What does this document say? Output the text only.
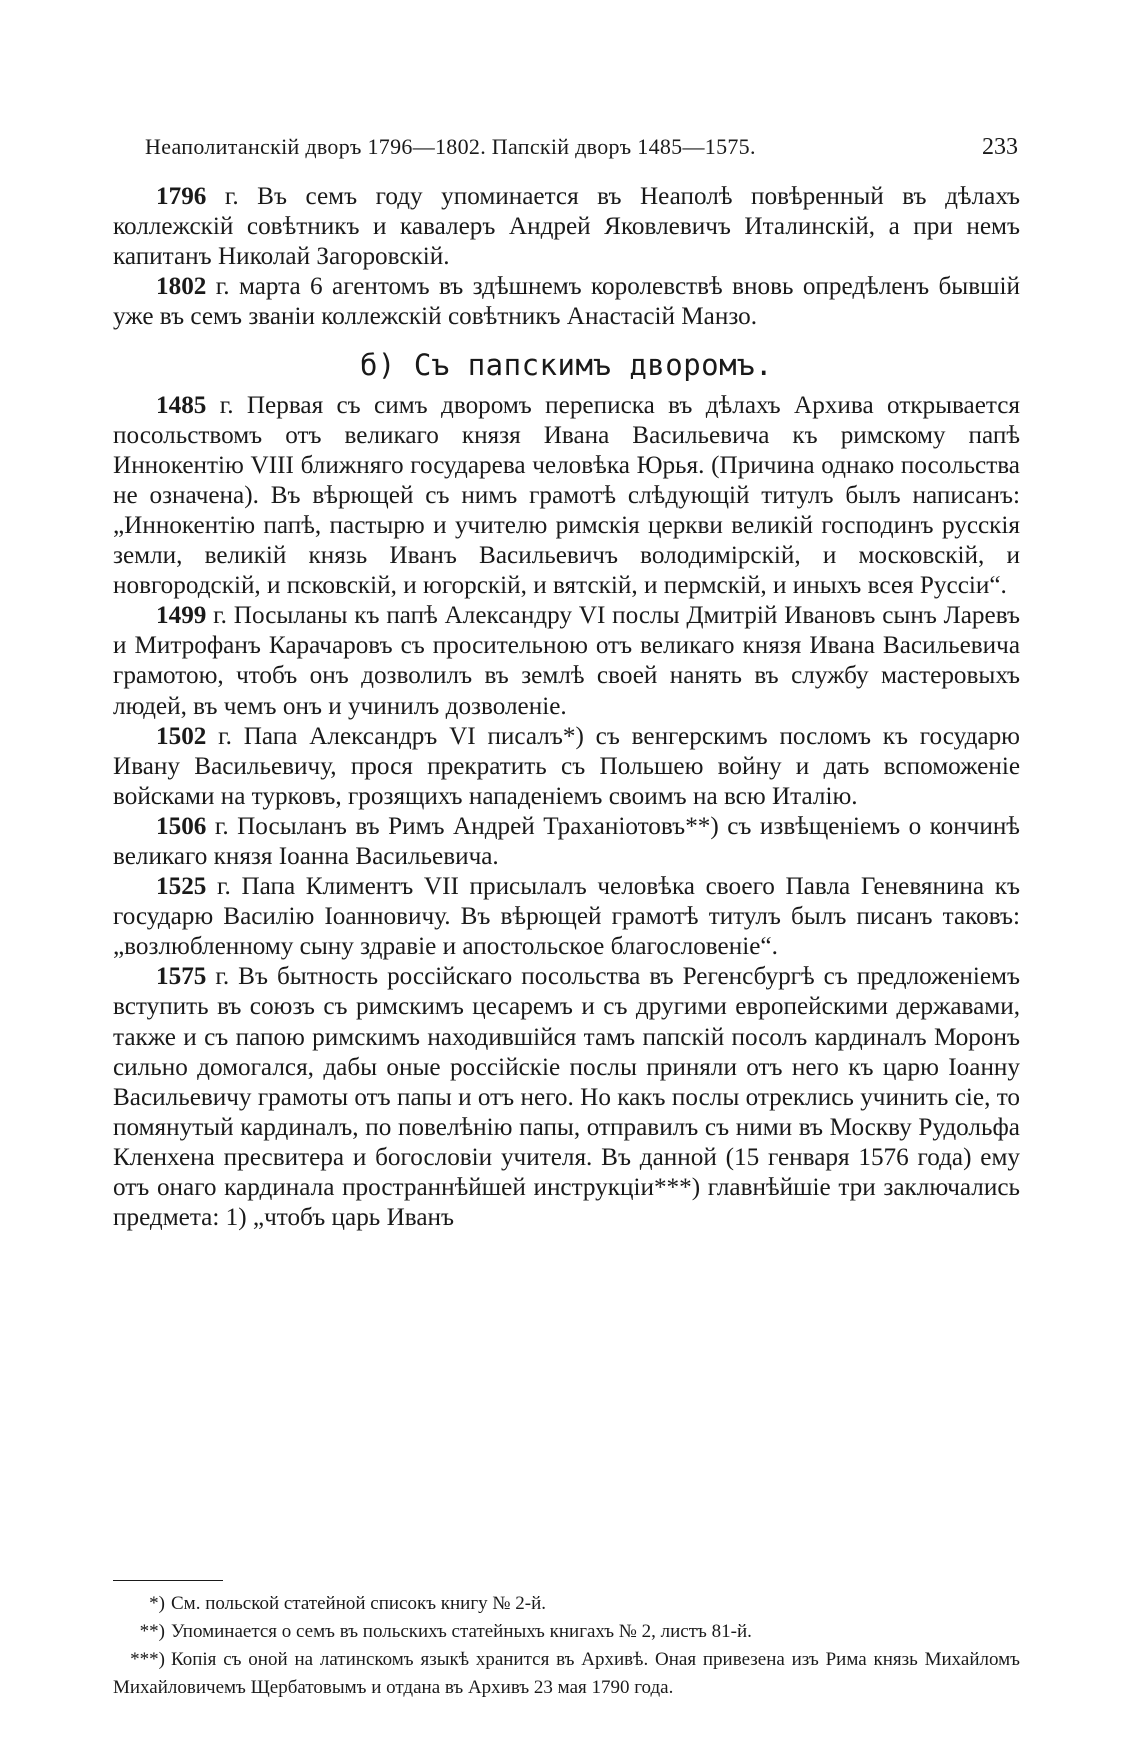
Неаполитанскій дворъ 1796—1802. Папскій дворъ 1485—1575.	233

1796 г. Въ семъ году упоминается въ Неаполѣ повѣренный въ дѣлахъ коллежскій совѣтникъ и кавалеръ Андрей Яковлевичъ Италинскій, а при немъ капитанъ Николай Загоровскій.

1802 г. марта 6 агентомъ въ здѣшнемъ королевствѣ вновь опредѣленъ бывшій уже въ семъ званіи коллежскій совѣтникъ Анастасій Манзо.

б) Съ папскимъ дворомъ.

1485 г. Первая съ симъ дворомъ переписка въ дѣлахъ Архива открывается посольствомъ отъ великаго князя Ивана Васильевича къ римскому папѣ Иннокентію VIII ближняго государева человѣка Юрья. (Причина однако посольства не означена). Въ вѣрющей съ нимъ грамотѣ слѣдующій титулъ былъ написанъ: „Иннокентію папѣ, пастырю и учителю римскія церкви великій господинъ русскія земли, великій князь Иванъ Васильевичъ володимірскій, и московскій, и новгородскій, и псковскій, и югорскій, и вятскій, и пермскій, и иныхъ всея Руссіи“.

1499 г. Посыланы къ папѣ Александру VI послы Дмитрій Ивановъ сынъ Ларевъ и Митрофанъ Карачаровъ съ просительною отъ великаго князя Ивана Васильевича грамотою, чтобъ онъ дозволилъ въ землѣ своей нанять въ службу мастеровыхъ людей, въ чемъ онъ и учинилъ дозволеніе.

1502 г. Папа Александръ VI писалъ*) съ венгерскимъ посломъ къ государю Ивану Васильевичу, прося прекратить съ Польшею войну и дать вспоможеніе войсками на турковъ, грозящихъ нападеніемъ своимъ на всю Италію.

1506 г. Посыланъ въ Римъ Андрей Траханіотовъ**) съ извѣщеніемъ о кончинѣ великаго князя Іоанна Васильевича.

1525 г. Папа Климентъ VII присылалъ человѣка своего Павла Геневянина къ государю Василію Іоанновичу. Въ вѣрющей грамотѣ титулъ былъ писанъ таковъ: „возлюбленному сыну здравіе и апостольское благословеніе“.

1575 г. Въ бытность россійскаго посольства въ Регенсбургѣ съ предложеніемъ вступить въ союзъ съ римскимъ цесаремъ и съ другими европейскими державами, также и съ папою римскимъ находившійся тамъ папскій посолъ кардиналъ Моронъ сильно домогался, дабы оные россійскіе послы приняли отъ него къ царю Іоанну Васильевичу грамоты отъ папы и отъ него. Но какъ послы отреклись учинить сіе, то помянутый кардиналъ, по повелѣнію папы, отправилъ съ ними въ Москву Рудольфа Кленхена пресвитера и богословіи учителя. Въ данной (15 генваря 1576 года) ему отъ онаго кардинала пространнѣйшей инструкціи***) главнѣйшіе три заключались предмета: 1) „чтобъ царь Иванъ

*) См. польской статейной списокъ книгу № 2-й.

**) Упоминается о семъ въ польскихъ статейныхъ книгахъ № 2, листъ 81-й.

***) Копія съ оной на латинскомъ языкѣ хранится въ Архивѣ. Оная привезена изъ Рима князь Михайломъ Михайловичемъ Щербатовымъ и отдана въ Архивъ 23 мая 1790 года.
